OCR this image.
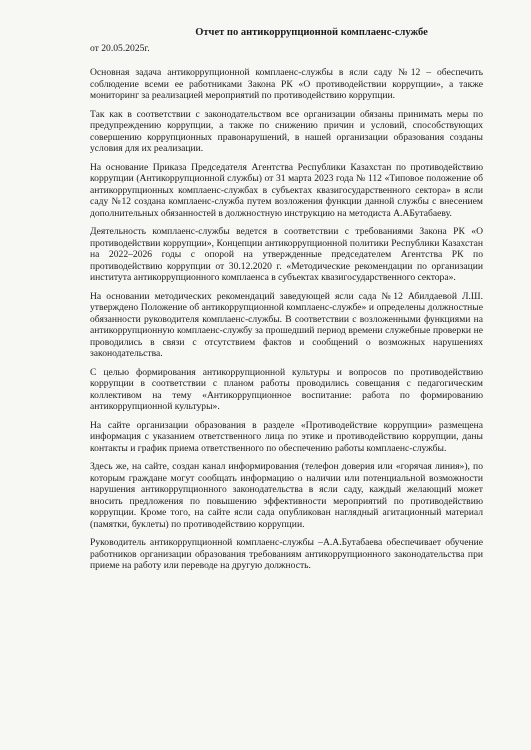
Отчет по антикоррупционной комплаенс-службе
от 20.05.2025г.

Основная задача антикоррупционной комплаенс-службы в ясли саду №12 – обеспечить соблюдение всеми ее работниками Закона РК «О противодействии коррупции», а также мониторинг за реализацией мероприятий по противодействию коррупции.

Так как в соответствии с законодательством все организации обязаны принимать меры по предупреждению коррупции, а также по снижению причин и условий, способствующих совершению коррупционных правонарушений, в нашей организации образования созданы условия для их реализации.

На основание Приказа Председателя Агентства Республики Казахстан по противодействию коррупции (Антикоррупционной службы) от 31 марта 2023 года № 112 «Типовое положение об антикоррупционных комплаенс-службах в субъектах квазигосударственного сектора» в ясли саду №12 создана комплаенс-служба путем возложения функции данной службы с внесением дополнительных обязанностей в должностную инструкцию на методиста А.АБутабаеву.

Деятельность комплаенс-службы ведется в соответствии с требованиями Закона РК «О противодействии коррупции», Концепции антикоррупционной политики Республики Казахстан на 2022–2026 годы с опорой на утвержденные председателем Агентства РК по противодействию коррупции от 30.12.2020 г. «Методические рекомендации по организации института антикоррупционного комплаенса в субъектах квазигосударственного сектора».

На основании методических рекомендаций заведующей ясли сада №12 Абилдаевой Л.Ш. утверждено Положение об антикоррупционной комплаенс-службе» и определены должностные обязанности руководителя комплаенс-службы. В соответствии с возложенными функциями на антикоррупционную комплаенс-службу за прошедший период времени служебные проверки не проводились в связи с отсутствием фактов и сообщений о возможных нарушениях законодательства.

С целью формирования антикоррупционной культуры и вопросов по противодействию коррупции в соответствии с планом работы проводились совещания с педагогическим коллективом на тему «Антикоррупционное воспитание: работа по формированию антикоррупционной культуры».

На сайте организации образования в разделе «Противодействие коррупции» размещена информация с указанием ответственного лица по этике и противодействию коррупции, даны контакты и график приема ответственного по обеспечению работы комплаенс-службы.

Здесь же, на сайте, создан канал информирования (телефон доверия или «горячая линия»), по которым граждане могут сообщать информацию о наличии или потенциальной возможности нарушения антикоррупционного законодательства в ясли саду, каждый желающий может вносить предложения по повышению эффективности мероприятий по противодействию коррупции. Кроме того, на сайте ясли сада опубликован наглядный агитационный материал (памятки, буклеты) по противодействию коррупции.

Руководитель антикоррупционной комплаенс-службы –А.А.Бутабаева обеспечивает обучение работников организации образования требованиям антикоррупционного законодательства при приеме на работу или переводе на другую должность.
